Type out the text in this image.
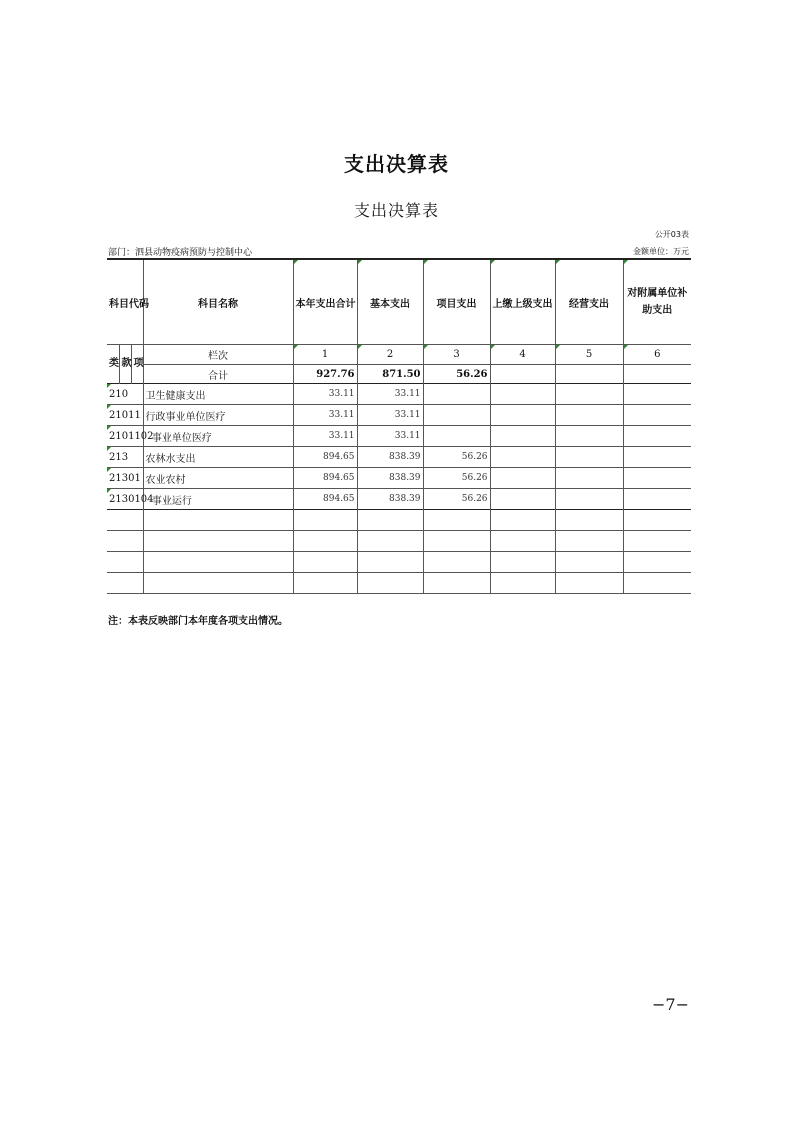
支出决算表
支出决算表
公开03表
部门：泗县动物疫病预防与控制中心	金额单位：万元
科目代码			科目名称	本年支出合计	基本支出	项目支出	上缴上级支出	经营支出	对附属单位补助支出
类	款	项	栏次	1	2	3	4	5	6
			合计	927.76	871.50	56.26			
210			卫生健康支出	33.11	33.11				
21011			行政事业单位医疗	33.11	33.11				
2101102			事业单位医疗	33.11	33.11				
213			农林水支出	894.65	838.39	56.26			
21301			农业农村	894.65	838.39	56.26			
2130104			事业运行	894.65	838.39	56.26			

注：本表反映部门本年度各项支出情况。
−7−
